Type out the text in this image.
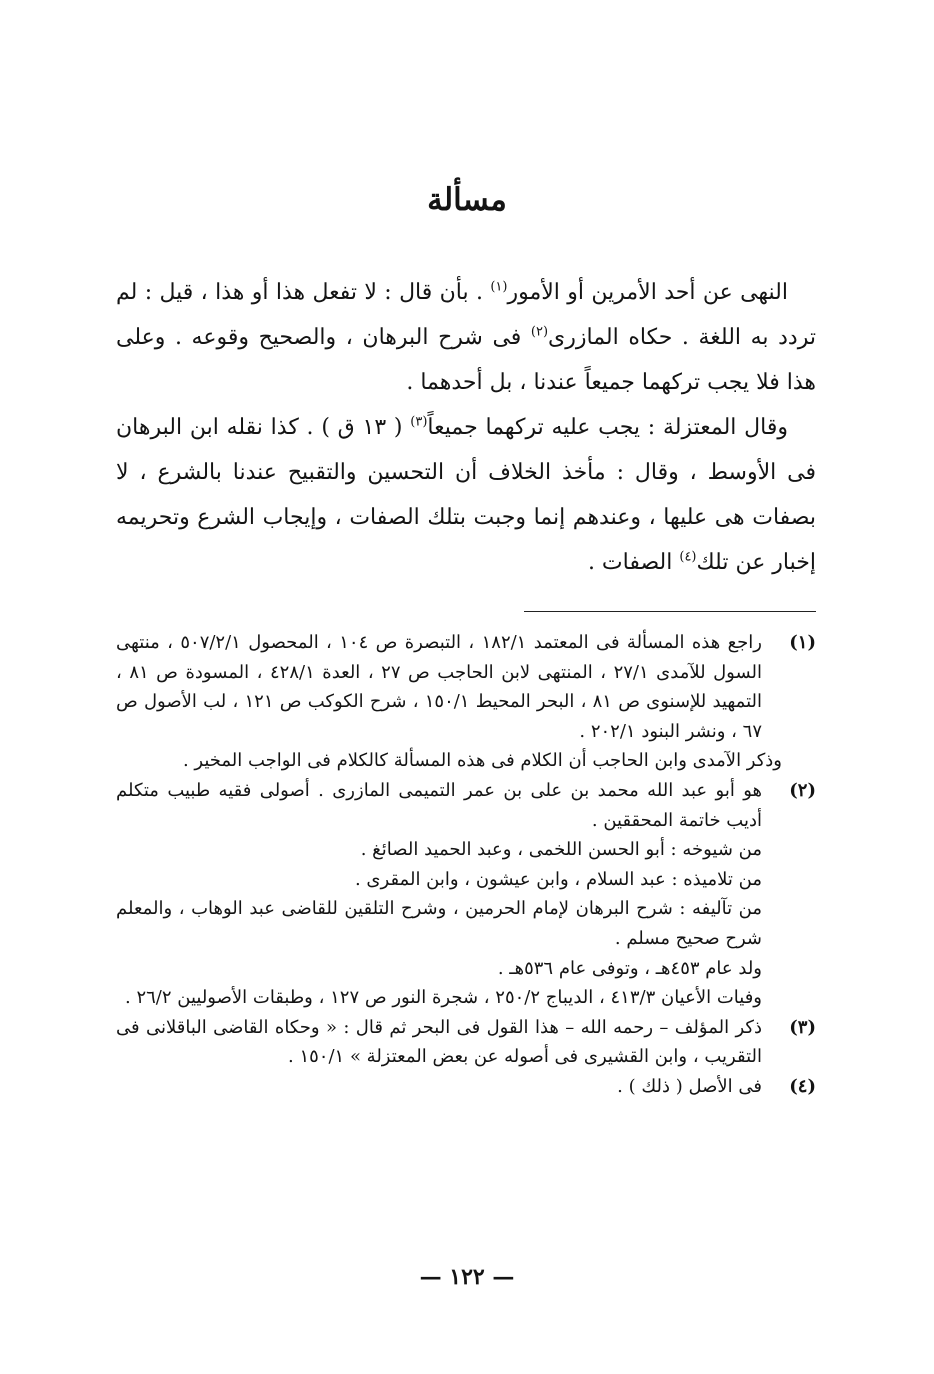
مسألة

النهى عن أحد الأمرين أو الأمور$^{(١)}$ . بأن قال : لا تفعل هذا أو هذا ، قيل : لم تردد به اللغة . حكاه المازرى$^{(٢)}$ فى شرح البرهان ، والصحيح وقوعه . وعلى هذا فلا يجب تركهما جميعاً عندنا ، بل أحدهما .

وقال المعتزلة : يجب عليه تركهما جميعاً$^{(٣)}$ ( ١٣ ق ) . كذا نقله ابن البرهان فى الأوسط ، وقال : مأخذ الخلاف أن التحسين والتقبيح عندنا بالشرع ، لا بصفات هى عليها ، وعندهم إنما وجبت بتلك الصفات ، وإيجاب الشرع وتحريمه إخبار عن تلك$^{(٤)}$ الصفات .

(١)
راجع هذه المسألة فى المعتمد ١٨٢/١ ، التبصرة ص ١٠٤ ، المحصول ٥٠٧/٢/١ ، منتهى السول للآمدى ٢٧/١ ، المنتهى لابن الحاجب ص ٢٧ ، العدة ٤٢٨/١ ، المسودة ص ٨١ ، التمهيد للإسنوى ص ٨١ ، البحر المحيط ١٥٠/١ ، شرح الكوكب ص ١٢١ ، لب الأصول ص ٦٧ ، ونشر البنود ٢٠٢/١ .
وذكر الآمدى وابن الحاجب أن الكلام فى هذه المسألة كالكلام فى الواجب المخير .
(٢)
هو أبو عبد الله محمد بن على بن عمر التميمى المازرى . أصولى فقيه طبيب متكلم أديب خاتمة المحققين .
من شيوخه : أبو الحسن اللخمى ، وعبد الحميد الصائغ .
من تلاميذه : عبد السلام ، وابن عيشون ، وابن المقرى .
من تآليفه : شرح البرهان لإمام الحرمين ، وشرح التلقين للقاضى عبد الوهاب ، والمعلم شرح صحيح مسلم .
ولد عام ٤٥٣هـ ، وتوفى عام ٥٣٦هـ .
وفيات الأعيان ٤١٣/٣ ، الديباج ٢٥٠/٢ ، شجرة النور ص ١٢٧ ، وطبقات الأصوليين ٢٦/٢ .
(٣)
ذكر المؤلف – رحمه الله – هذا القول فى البحر ثم قال : « وحكاه القاضى الباقلانى فى التقريب ، وابن القشيرى فى أصوله عن بعض المعتزلة » ١٥٠/١ .
(٤)
فى الأصل ( ذلك ) .
— ١٢٢ —
